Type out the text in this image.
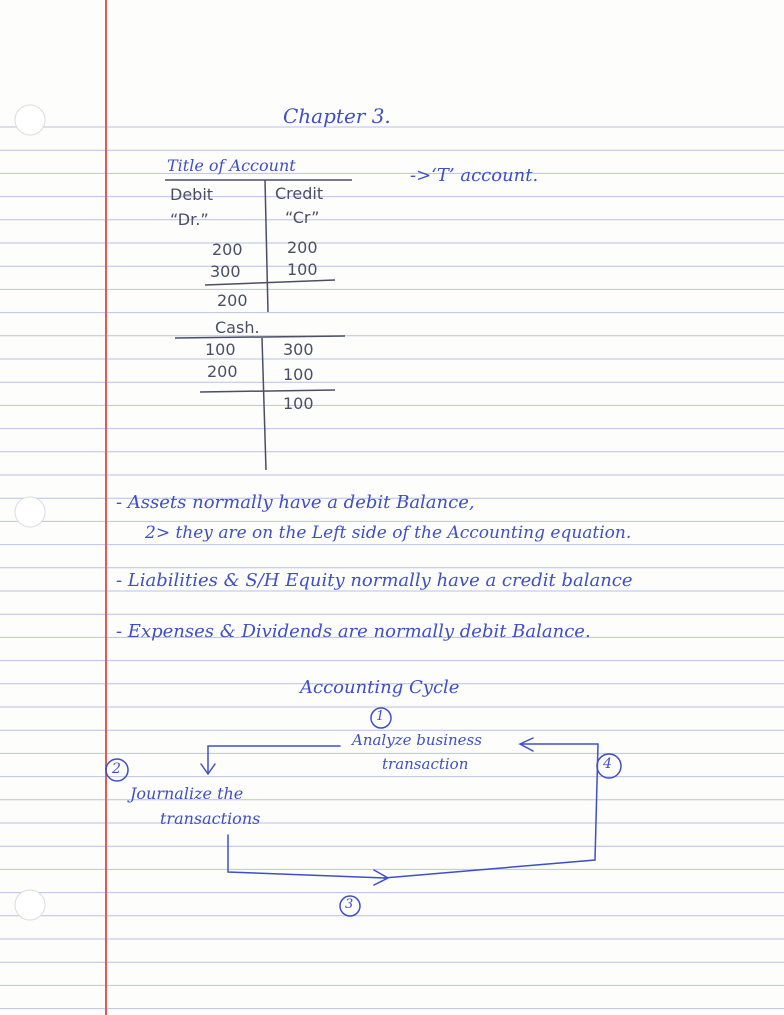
Chapter 3.
Title of Account
Debit	Credit
“Dr.”	“Cr”
200
300
200
100
200
->‘T’ account.
Cash.
100
200
300
100
100
- Assets normally have a debit Balance,
2> they are on the Left side of the Accounting equation.
- Liabilities & S/H Equity normally have a credit balance
- Expenses & Dividends are normally debit Balance.
Accounting Cycle
1
Analyze business
transaction
2
Journalize the
transactions
3
4
